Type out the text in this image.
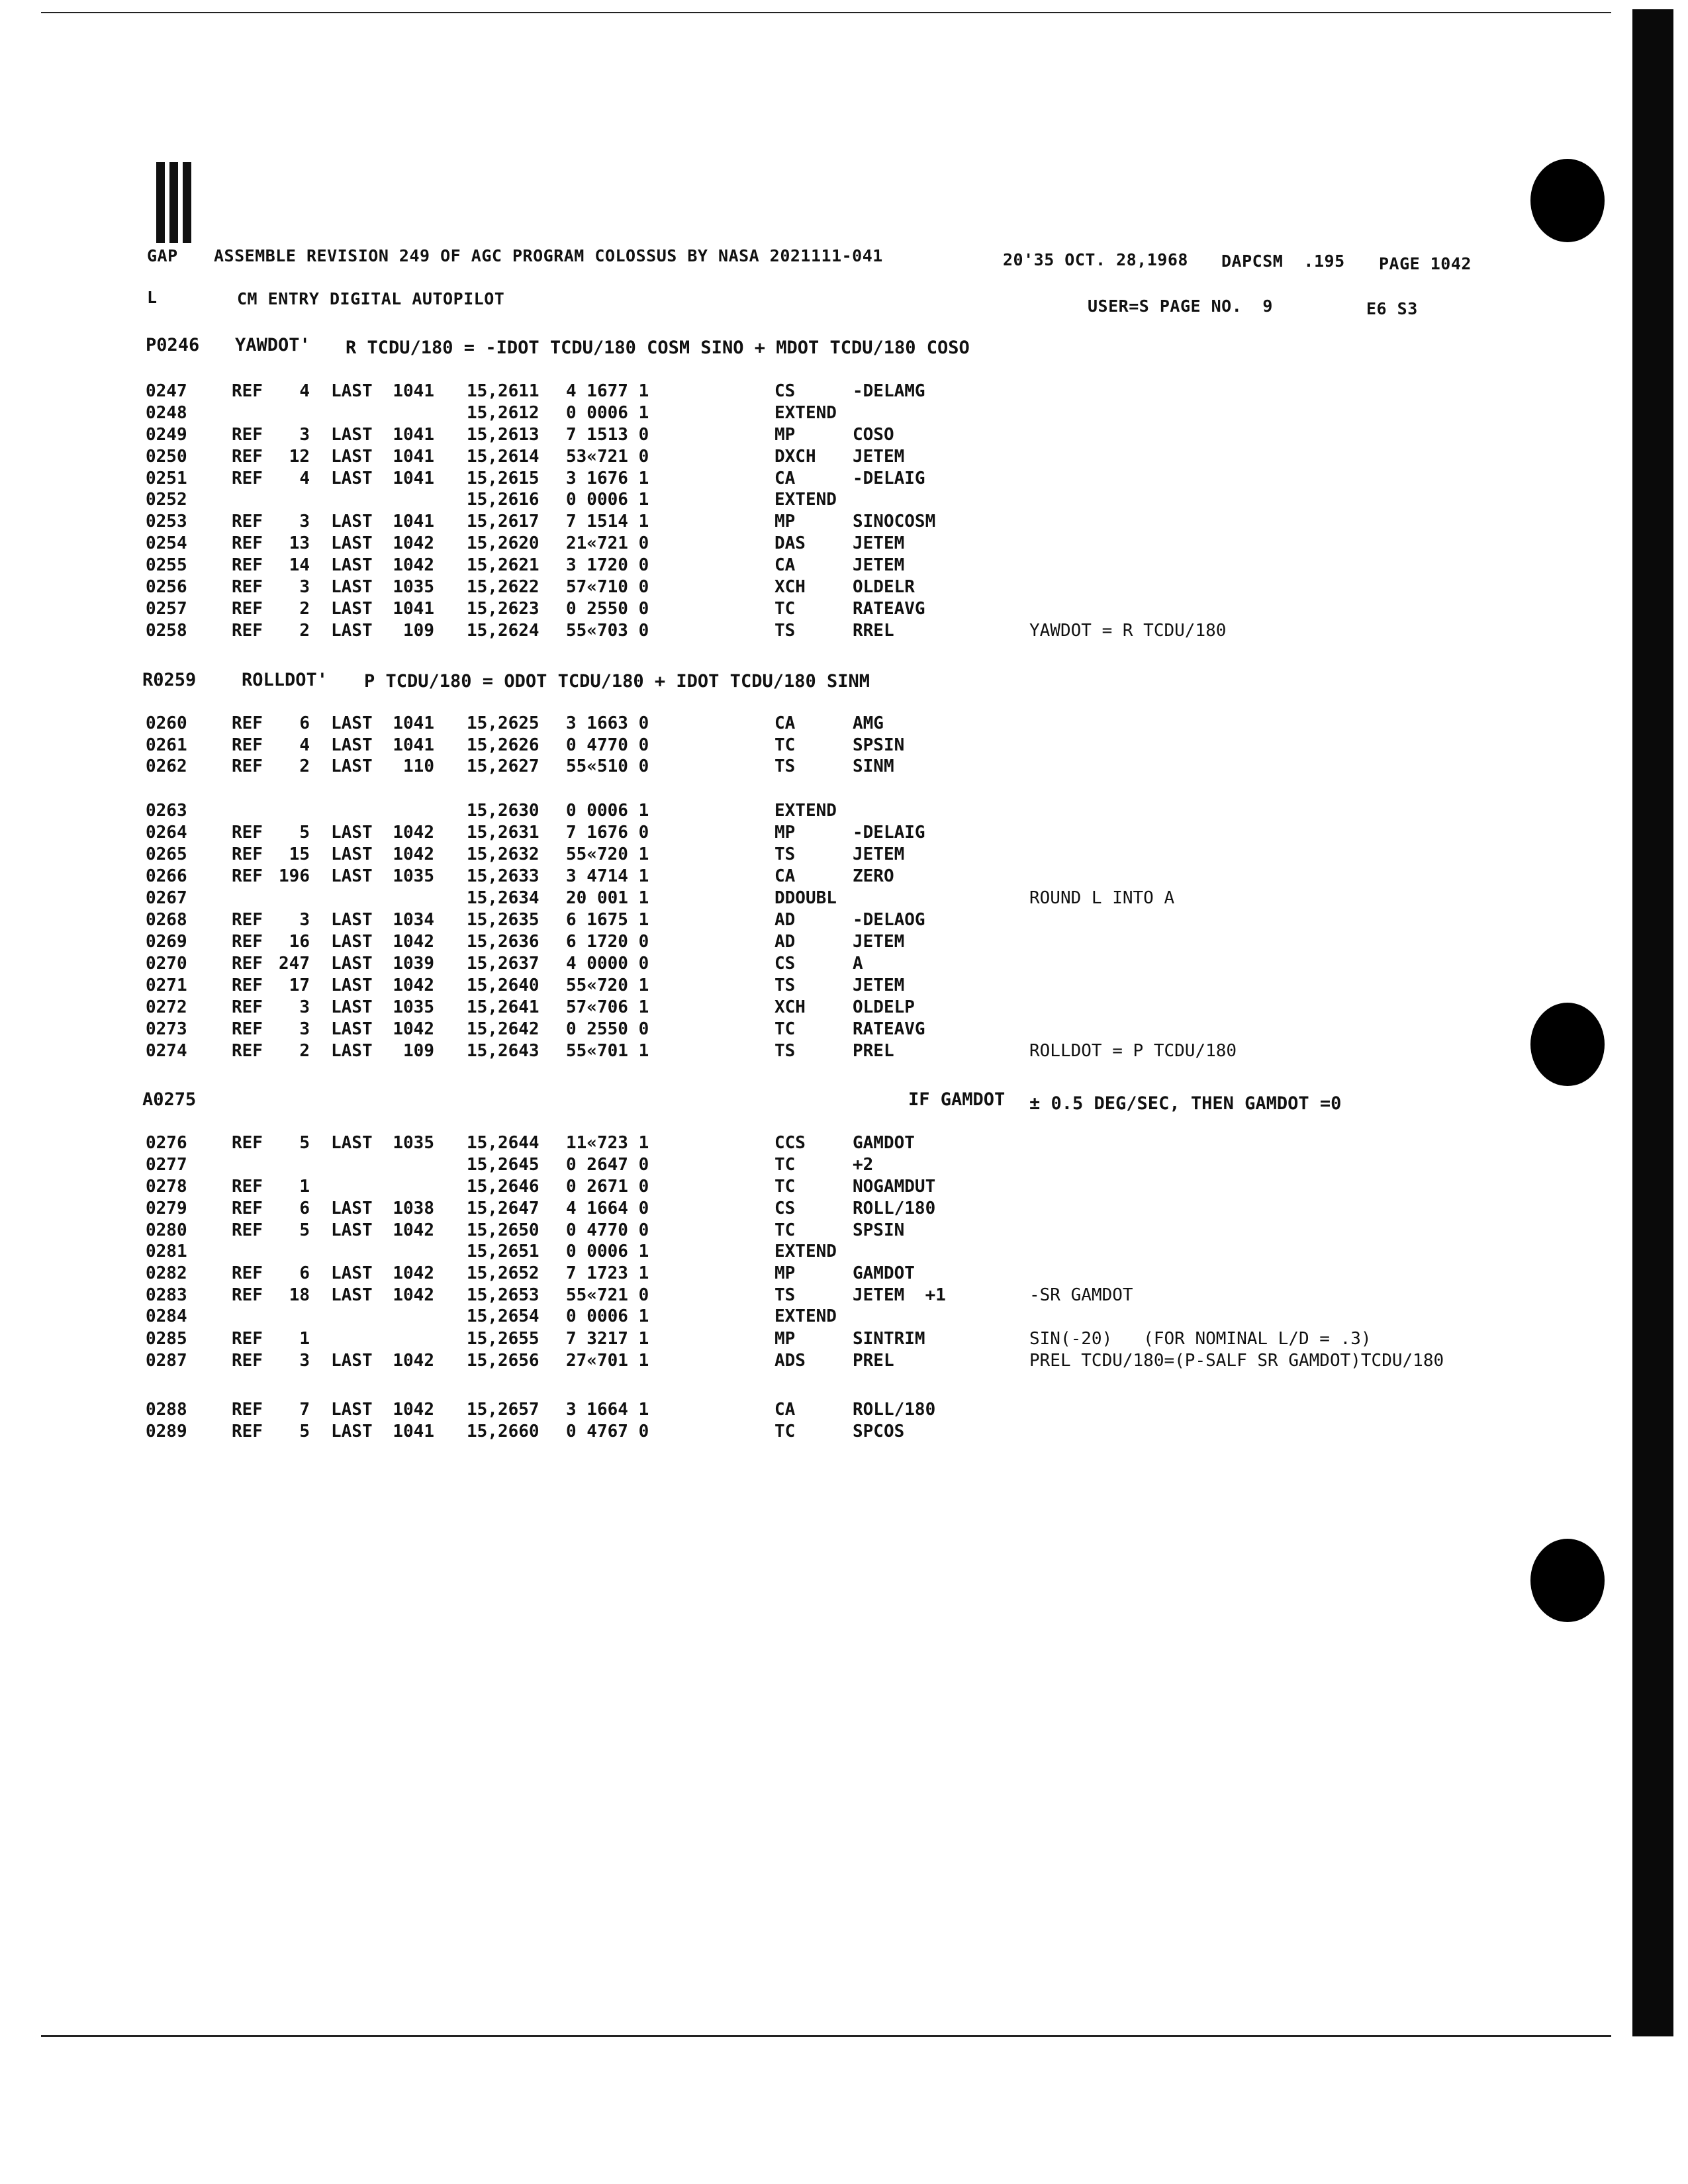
GAP ASSEMBLE REVISION 249 OF AGC PROGRAM COLOSSUS BY NASA 2021111-041	20'35 OCT. 28,1968 DAPCSM  .195 PAGE 1042
L	CM ENTRY DIGITAL AUTOPILOT	USER=S PAGE NO.  9	E6 S3
P0246 YAWDOT' R TCDU/180 = -IDOT TCDU/180 COSM SINO + MDOT TCDU/180 COSO
R0259	ROLLDOT' P TCDU/180 = ODOT TCDU/180 + IDOT TCDU/180 SINM
A0275	IF GAMDOT ± 0.5 DEG/SEC, THEN GAMDOT =0
0247	REF	4 LAST	1041 15,2611 4 1677 1	CS	-DELAMG
0248	15,2612 0 0006 1	EXTEND
0249	REF	3 LAST	1041 15,2613 7 1513 0	MP	COSO
0250	REF	12 LAST	1041 15,2614 53«721 0	DXCH JETEM
0251	REF	4 LAST	1041 15,2615 3 1676 1	CA	-DELAIG
0252	15,2616 0 0006 1	EXTEND
0253	REF	3 LAST	1041 15,2617 7 1514 1	MP	SINOCOSM
0254	REF	13 LAST	1042 15,2620 21«721 0	DAS	JETEM
0255	REF	14 LAST	1042 15,2621 3 1720 0	CA	JETEM
0256	REF	3 LAST	1035 15,2622 57«710 0	XCH	OLDELR
0257	REF	2 LAST	1041 15,2623 0 2550 0	TC	RATEAVG
0258	REF	2 LAST	109 15,2624 55«703 0	TS	RREL	YAWDOT = R TCDU/180
0260	REF	6 LAST	1041 15,2625 3 1663 0	CA	AMG
0261	REF	4 LAST	1041 15,2626 0 4770 0	TC	SPSIN
0262	REF	2 LAST	110 15,2627 55«510 0	TS	SINM
0263	15,2630 0 0006 1	EXTEND
0264	REF	5 LAST	1042 15,2631 7 1676 0	MP	-DELAIG
0265	REF	15 LAST	1042 15,2632 55«720 1	TS	JETEM
0266	REF 196 LAST	1035 15,2633 3 4714 1	CA	ZERO
0267	15,2634 20 001 1	DDOUBL	ROUND L INTO A
0268	REF	3 LAST	1034 15,2635 6 1675 1	AD	-DELAOG
0269	REF	16 LAST	1042 15,2636 6 1720 0	AD	JETEM
0270	REF 247 LAST	1039 15,2637 4 0000 0	CS	A
0271	REF	17 LAST	1042 15,2640 55«720 1	TS	JETEM
0272	REF	3 LAST	1035 15,2641 57«706 1	XCH	OLDELP
0273	REF	3 LAST	1042 15,2642 0 2550 0	TC	RATEAVG
0274	REF	2 LAST	109 15,2643 55«701 1	TS	PREL	ROLLDOT = P TCDU/180
0276	REF	5 LAST	1035 15,2644 11«723 1	CCS	GAMDOT
0277	15,2645 0 2647 0	TC	+2
0278	REF	1	15,2646 0 2671 0	TC	NOGAMDUT
0279	REF	6 LAST	1038 15,2647 4 1664 0	CS	ROLL/180
0280	REF	5 LAST	1042 15,2650 0 4770 0	TC	SPSIN
0281	15,2651 0 0006 1	EXTEND
0282	REF	6 LAST	1042 15,2652 7 1723 1	MP	GAMDOT
0283	REF	18 LAST	1042 15,2653 55«721 0	TS	JETEM  +1	-SR GAMDOT
0284	15,2654 0 0006 1	EXTEND
0285	REF	1	15,2655 7 3217 1	MP	SINTRIM	SIN(-20)   (FOR NOMINAL L/D = .3)
0287	REF	3 LAST	1042 15,2656 27«701 1	ADS	PREL	PREL TCDU/180=(P-SALF SR GAMDOT)TCDU/180
0288	REF	7 LAST	1042 15,2657 3 1664 1	CA	ROLL/180
0289	REF	5 LAST	1041 15,2660 0 4767 0	TC	SPCOS
